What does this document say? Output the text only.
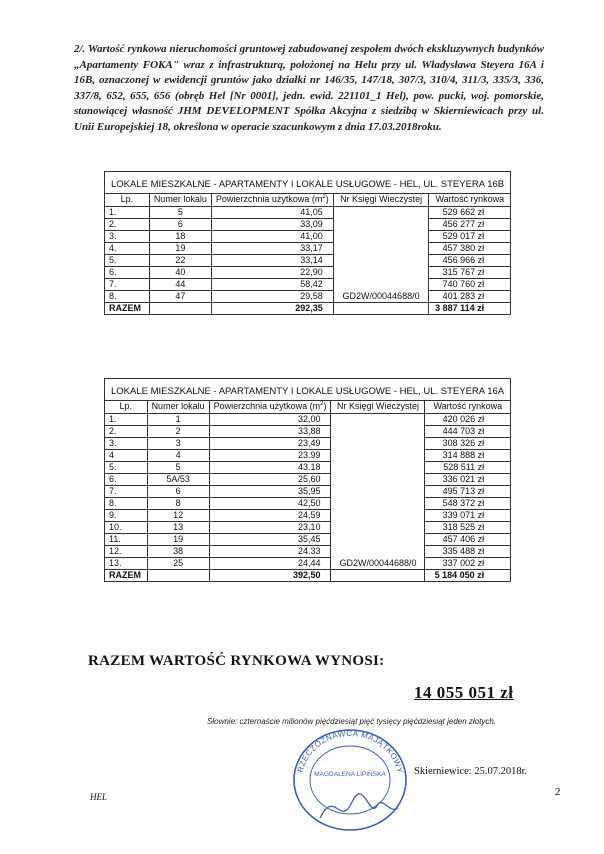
2/. Wartość rynkowa nieruchomości gruntowej zabudowanej zespołem dwóch ekskluzywnych budynków „Apartamenty FOKA" wraz z infrastrukturą, położonej na Helu przy ul. Władysława Steyera 16A i 16B, oznaczonej w ewidencji gruntów jako działki nr 146/35, 147/18, 307/3, 310/4, 311/3, 335/3, 336, 337/8, 652, 655, 656 (obręb Hel [Nr 0001], jedn. ewid. 221101_1 Hel), pow. pucki, woj. pomorskie, stanowiącej własność JHM DEVELOPMENT Spółka Akcyjna z siedzibą w Skierniewicach przy ul. Unii Europejskiej 18, określona w operacie szacunkowym z dnia 17.03.2018roku.
LOKALE MIESZKALNE - APARTAMENTY I LOKALE USŁUGOWE - HEL, UL. STEYERA 16B				
Lp.	Numer lokalu	Powierzchnia użytkowa $(m^2)$	Nr Księgi Wieczystej	Wartość rynkowa
1.	5	41,05	GD2W/00044688/0	529 662 zł
2.	6	33,09		456 277 zł
3.	18	41,00		529 017 zł
4.	19	33,17		457 380 zł
5.	22	33,14		456 966 zł
6.	40	22,90		315 767 zł
7.	44	58,42		740 760 zł
8.	47	29,58		401 283 zł
RAZEM		292,35		3 887 114 zł
LOKALE MIESZKALNE - APARTAMENTY I LOKALE USŁUGOWE - HEL, UL. STEYERA 16A				
Lp.	Numer lokalu	Powierzchnia użytkowa $(m^2)$	Nr Księgi Wieczystej	Wartość rynkowa
1.	1	32,00	GD2W/00044688/0	420 026 zł
2.	2	33,88		444 703 zł
3.	3	23,49		308 326 zł
4	4	23.99		314 888 zł
5.	5	43.18		528 511 zł
6.	5A/53	25,60		336 021 zł
7.	6	35,95		495 713 zł
8.	8	42,50		548 372 zł
9.	12	24,59		339 071 zł
10.	13	23,10		318 525 zł
11.	19	35,45		457 406 zł
12.	38	24.33		335 488 zł
13.	25	24,44		337 002 zł
RAZEM		392,50		5 184 050 zł
RAZEM WARTOŚĆ RYNKOWA WYNOSI:
14 055 051 zł
Słownie: czternaście milionów pięćdziesiąt pięć tysięcy pięćdziesiąt jeden złotych.
RZECZOZNAWCA MAJĄTKOWY
MAGDALENA LIPIŃSKA	Skierniewice: 25.07.2018r.
2
HEL
